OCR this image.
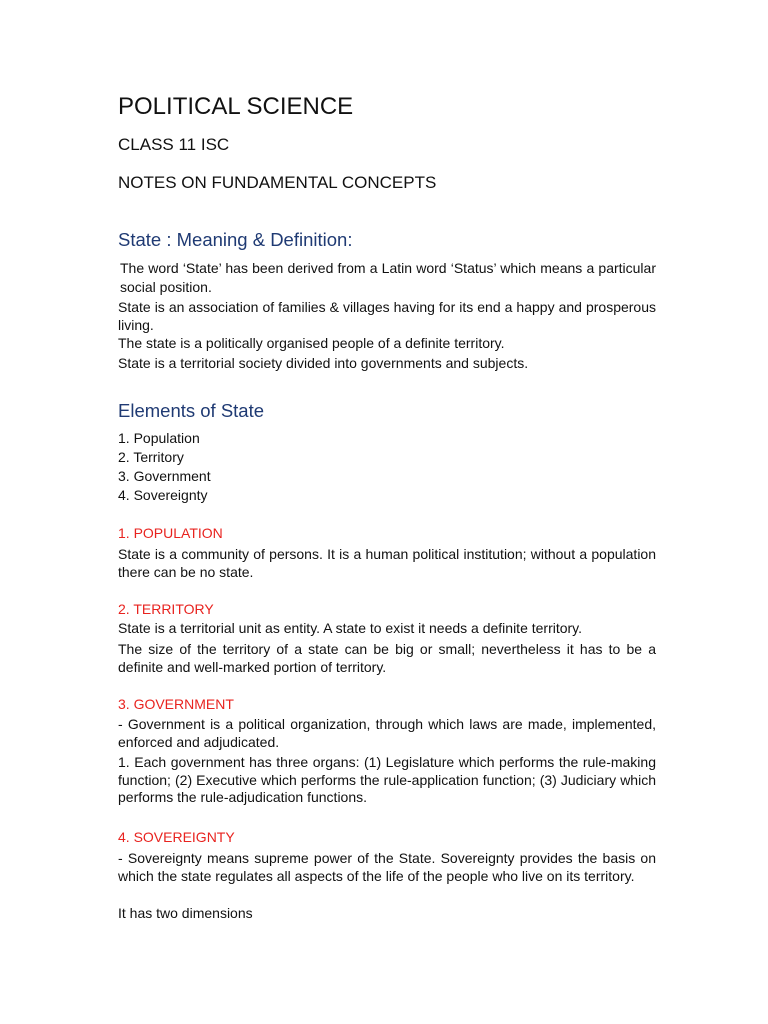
POLITICAL SCIENCE
CLASS 11 ISC
NOTES ON FUNDAMENTAL CONCEPTS
State : Meaning & Definition:
The word ‘State’ has been derived from a Latin word ‘Status’ which means a particular social position.
State is an association of families & villages having for its end a happy and prosperous living.
The state is a politically organised people of a definite territory.
State is a territorial society divided into governments and subjects.
Elements of State
1. Population
2. Territory
3. Government
4. Sovereignty
1. POPULATION
State is a community of persons. It is a human political institution; without a population there can be no state.
2. TERRITORY
State is a territorial unit as entity. A state to exist it needs a definite territory.
The size of the territory of a state can be big or small; nevertheless it has to be a definite and well-marked portion of territory.
3. GOVERNMENT
- Government is a political organization, through which laws are made, implemented, enforced and adjudicated.
1. Each government has three organs: (1) Legislature which performs the rule-making function; (2) Executive which performs the rule-application function; (3) Judiciary which performs the rule-adjudication functions.
4. SOVEREIGNTY
- Sovereignty means supreme power of the State. Sovereignty provides the basis on which the state regulates all aspects of the life of the people who live on its territory.
It has two dimensions
